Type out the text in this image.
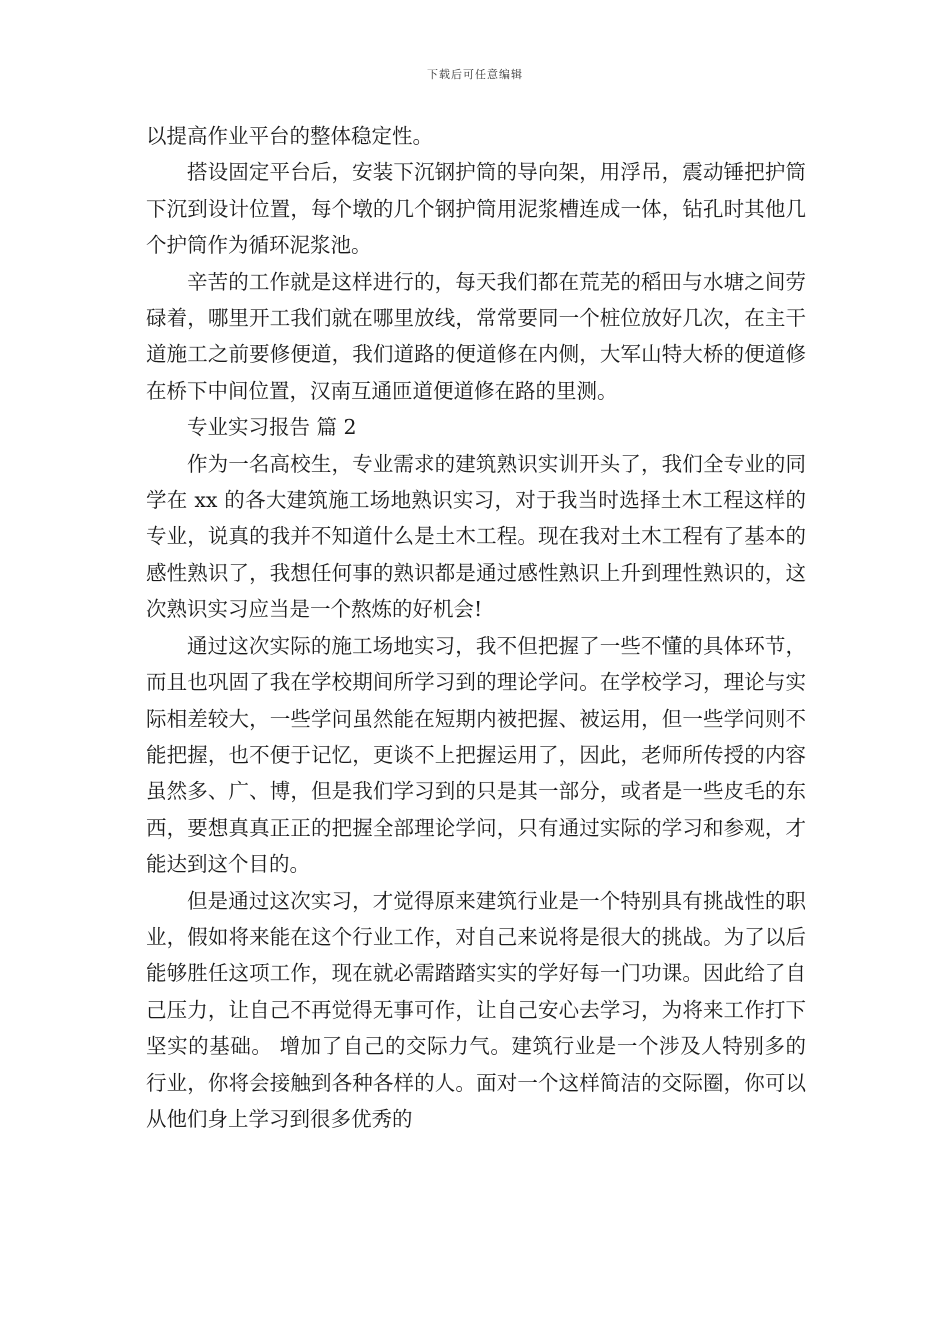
下载后可任意编辑

以提高作业平台的整体稳定性。

搭设固定平台后，安装下沉钢护筒的导向架，用浮吊，震动锤把护筒下沉到设计位置，每个墩的几个钢护筒用泥浆槽连成一体，钻孔时其他几个护筒作为循环泥浆池。

辛苦的工作就是这样进行的，每天我们都在荒芜的稻田与水塘之间劳碌着，哪里开工我们就在哪里放线，常常要同一个桩位放好几次，在主干道施工之前要修便道，我们道路的便道修在内侧，大军山特大桥的便道修在桥下中间位置，汉南互通匝道便道修在路的里测。

专业实习报告 篇 2

作为一名高校生，专业需求的建筑熟识实训开头了，我们全专业的同学在 xx 的各大建筑施工场地熟识实习，对于我当时选择土木工程这样的专业，说真的我并不知道什么是土木工程。现在我对土木工程有了基本的感性熟识了，我想任何事的熟识都是通过感性熟识上升到理性熟识的，这次熟识实习应当是一个熬炼的好机会!

通过这次实际的施工场地实习，我不但把握了一些不懂的具体环节，而且也巩固了我在学校期间所学习到的理论学问。在学校学习，理论与实际相差较大，一些学问虽然能在短期内被把握、被运用，但一些学问则不能把握，也不便于记忆，更谈不上把握运用了，因此，老师所传授的内容虽然多、广、博，但是我们学习到的只是其一部分，或者是一些皮毛的东西，要想真真正正的把握全部理论学问，只有通过实际的学习和参观，才能达到这个目的。

但是通过这次实习，才觉得原来建筑行业是一个特别具有挑战性的职业，假如将来能在这个行业工作，对自己来说将是很大的挑战。为了以后能够胜任这项工作，现在就必需踏踏实实的学好每一门功课。因此给了自己压力，让自己不再觉得无事可作，让自己安心去学习，为将来工作打下坚实的基础。 增加了自己的交际力气。建筑行业是一个涉及人特别多的行业，你将会接触到各种各样的人。面对一个这样简洁的交际圈，你可以从他们身上学习到很多优秀的
